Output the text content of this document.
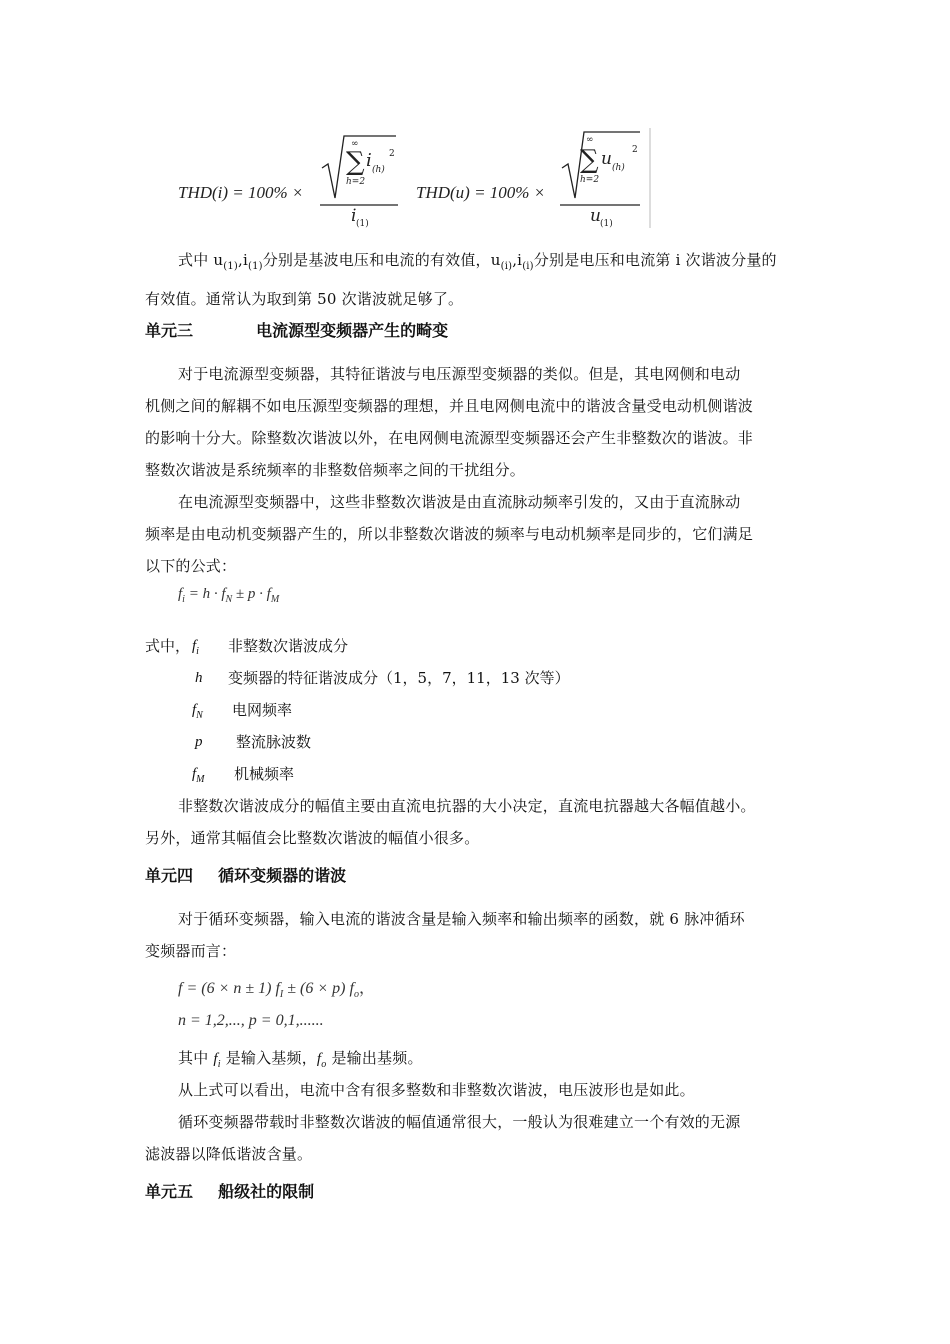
THD(i) = 100% ×
∞
∑
h=2
i (h)
2
i (1)
THD(u) = 100% ×
∞
∑
h=2
u (h)
2
u (1)
式中 $u_{(1)},i_{(1)}$分别是基波电压和电流的有效值，$u_{(i)},i_{(i)}$分别是电压和电流第 i 次谐波分量的
有效值。通常认为取到第 50 次谐波就足够了。
单元三	电流源型变频器产生的畸变
对于电流源型变频器，其特征谐波与电压源型变频器的类似。但是，其电网侧和电动
机侧之间的解耦不如电压源型变频器的理想，并且电网侧电流中的谐波含量受电动机侧谐波
的影响十分大。除整数次谐波以外，在电网侧电流源型变频器还会产生非整数次的谐波。非
整数次谐波是系统频率的非整数倍频率之间的干扰组分。
在电流源型变频器中，这些非整数次谐波是由直流脉动频率引发的，又由于直流脉动
频率是由电动机变频器产生的，所以非整数次谐波的频率与电动机频率是同步的，它们满足
以下的公式：
$f_i = h \cdot f_N \pm p \cdot f_M$
式中， $f_i$ 非整数次谐波成分
h 变频器的特征谐波成分（1，5，7，11，13 次等）
$f_N$ 电网频率
p 整流脉波数
$f_M$ 机械频率
非整数次谐波成分的幅值主要由直流电抗器的大小决定，直流电抗器越大各幅值越小。
另外，通常其幅值会比整数次谐波的幅值小很多。
单元四 循环变频器的谐波
对于循环变频器，输入电流的谐波含量是输入频率和输出频率的函数，就 6 脉冲循环
变频器而言：
f = (6 × n ± 1) $f_I \pm (6 \times p)$ $f_o$，
n = 1,2,..., p = 0,1,......
其中 $f_i$ 是输入基频，$f_o$ 是输出基频。
从上式可以看出，电流中含有很多整数和非整数次谐波，电压波形也是如此。
循环变频器带载时非整数次谐波的幅值通常很大，一般认为很难建立一个有效的无源
滤波器以降低谐波含量。
单元五 船级社的限制
